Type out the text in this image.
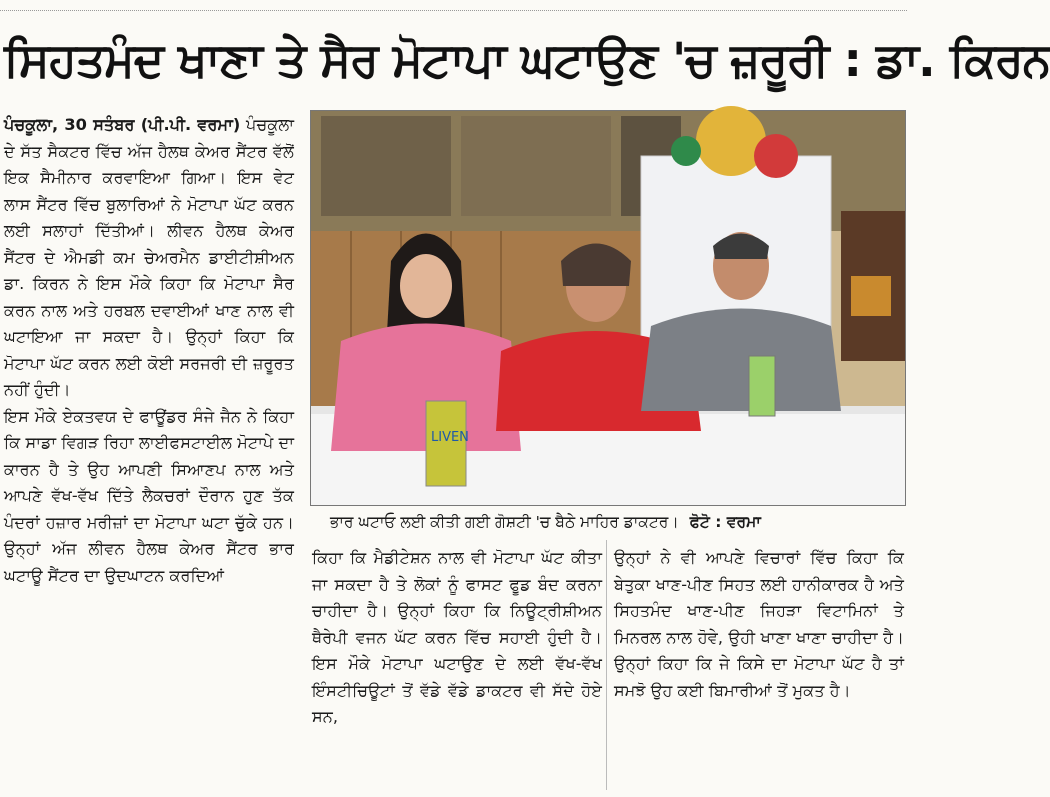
ਸਿਹਤਮੰਦ ਖਾਣਾ ਤੇ ਸੈਰ ਮੋਟਾਪਾ ਘਟਾਉਣ 'ਚ ਜ਼ਰੂਰੀ : ਡਾ. ਕਿਰਨ

ਪੰਚਕੂਲਾ, 30 ਸਤੰਬਰ (ਪੀ.ਪੀ. ਵਰਮਾ) ਪੰਚਕੂਲਾ ਦੇ ਸੱਤ ਸੈਕਟਰ ਵਿੱਚ ਅੱਜ ਹੈਲਥ ਕੇਅਰ ਸੈਂਟਰ ਵੱਲੋਂ ਇਕ ਸੈਮੀਨਾਰ ਕਰਵਾਇਆ ਗਿਆ। ਇਸ ਵੇਟ ਲਾਸ ਸੈਂਟਰ ਵਿੱਚ ਬੁਲਾਰਿਆਂ ਨੇ ਮੋਟਾਪਾ ਘੱਟ ਕਰਨ ਲਈ ਸਲਾਹਾਂ ਦਿੱਤੀਆਂ। ਲੀਵਨ ਹੈਲਥ ਕੇਅਰ ਸੈਂਟਰ ਦੇ ਐਮਡੀ ਕਮ ਚੇਅਰਮੈਨ ਡਾਈਟੀਸ਼ੀਅਨ ਡਾ. ਕਿਰਨ ਨੇ ਇਸ ਮੌਕੇ ਕਿਹਾ ਕਿ ਮੋਟਾਪਾ ਸੈਰ ਕਰਨ ਨਾਲ ਅਤੇ ਹਰਬਲ ਦਵਾਈਆਂ ਖਾਣ ਨਾਲ ਵੀ ਘਟਾਇਆ ਜਾ ਸਕਦਾ ਹੈ। ਉਨ੍ਹਾਂ ਕਿਹਾ ਕਿ ਮੋਟਾਪਾ ਘੱਟ ਕਰਨ ਲਈ ਕੋਈ ਸਰਜਰੀ ਦੀ ਜ਼ਰੂਰਤ ਨਹੀਂ ਹੁੰਦੀ।

ਇਸ ਮੌਕੇ ਏਕਤਵਯ ਦੇ ਫਾਊਂਡਰ ਸੰਜੇ ਜੈਨ ਨੇ ਕਿਹਾ ਕਿ ਸਾਡਾ ਵਿਗੜ ਰਿਹਾ ਲਾਈਫਸਟਾਈਲ ਮੋਟਾਪੇ ਦਾ ਕਾਰਨ ਹੈ ਤੇ ਉਹ ਆਪਣੀ ਸਿਆਣਪ ਨਾਲ ਅਤੇ ਆਪਣੇ ਵੱਖ-ਵੱਖ ਦਿੱਤੇ ਲੈਕਚਰਾਂ ਦੌਰਾਨ ਹੁਣ ਤੱਕ ਪੰਦਰਾਂ ਹਜ਼ਾਰ ਮਰੀਜ਼ਾਂ ਦਾ ਮੋਟਾਪਾ ਘਟਾ ਚੁੱਕੇ ਹਨ। ਉਨ੍ਹਾਂ ਅੱਜ ਲੀਵਨ ਹੈਲਥ ਕੇਅਰ ਸੈਂਟਰ ਭਾਰ ਘਟਾਊ ਸੈਂਟਰ ਦਾ ਉਦਘਾਟਨ ਕਰਦਿਆਂ

LIVEN
ਭਾਰ ਘਟਾਓ ਲਈ ਕੀਤੀ ਗਈ ਗੋਸ਼ਟੀ 'ਚ ਬੈਠੇ ਮਾਹਿਰ ਡਾਕਟਰ। ਫੋਟੋ : ਵਰਮਾ

ਕਿਹਾ ਕਿ ਮੈਡੀਟੇਸ਼ਨ ਨਾਲ ਵੀ ਮੋਟਾਪਾ ਘੱਟ ਕੀਤਾ ਜਾ ਸਕਦਾ ਹੈ ਤੇ ਲੋਕਾਂ ਨੂੰ ਫਾਸਟ ਫੂਡ ਬੰਦ ਕਰਨਾ ਚਾਹੀਦਾ ਹੈ। ਉਨ੍ਹਾਂ ਕਿਹਾ ਕਿ ਨਿਊਟ੍ਰੀਸ਼ੀਅਨ ਥੈਰੇਪੀ ਵਜਨ ਘੱਟ ਕਰਨ ਵਿੱਚ ਸਹਾਈ ਹੁੰਦੀ ਹੈ। ਇਸ ਮੌਕੇ ਮੋਟਾਪਾ ਘਟਾਉਣ ਦੇ ਲਈ ਵੱਖ-ਵੱਖ ਇੰਸਟੀਚਿਊਟਾਂ ਤੋਂ ਵੱਡੇ ਵੱਡੇ ਡਾਕਟਰ ਵੀ ਸੱਦੇ ਹੋਏ ਸਨ,

ਉਨ੍ਹਾਂ ਨੇ ਵੀ ਆਪਣੇ ਵਿਚਾਰਾਂ ਵਿੱਚ ਕਿਹਾ ਕਿ ਬੇਤੁਕਾ ਖਾਣ-ਪੀਣ ਸਿਹਤ ਲਈ ਹਾਨੀਕਾਰਕ ਹੈ ਅਤੇ ਸਿਹਤਮੰਦ ਖਾਣ-ਪੀਣ ਜਿਹੜਾ ਵਿਟਾਮਿਨਾਂ ਤੇ ਮਿਨਰਲ ਨਾਲ ਹੋਵੇ, ਉਹੀ ਖਾਣਾ ਖਾਣਾ ਚਾਹੀਦਾ ਹੈ। ਉਨ੍ਹਾਂ ਕਿਹਾ ਕਿ ਜੇ ਕਿਸੇ ਦਾ ਮੋਟਾਪਾ ਘੱਟ ਹੈ ਤਾਂ ਸਮਝੋ ਉਹ ਕਈ ਬਿਮਾਰੀਆਂ ਤੋਂ ਮੁਕਤ ਹੈ।
